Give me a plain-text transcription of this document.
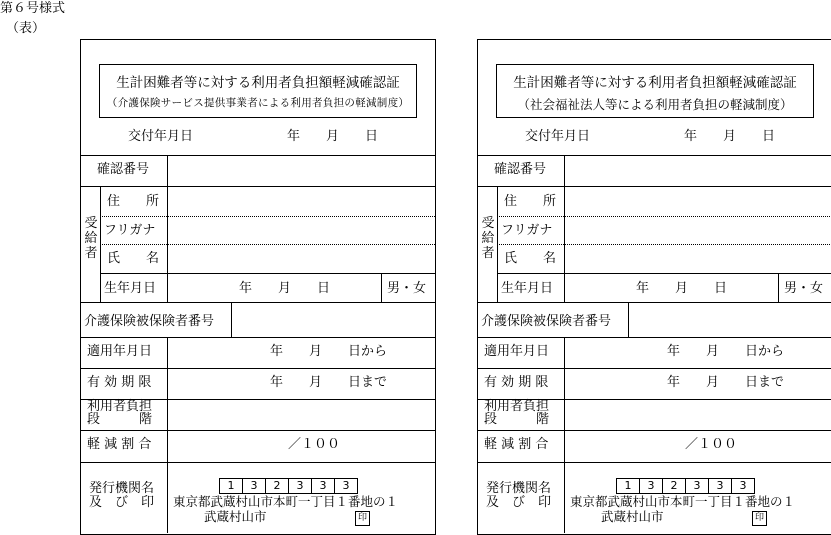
第６号様式
（表）
生計困難者等に対する利用者負担額軽減確認証
（介護保険サービス提供事業者による利用者負担の軽減制度）
交付年月日	年　　月　　日
確認番号
受給者
住　　所
フリガナ
氏　　名
生年月日	年　　月　　日	男・女
介護保険被保険者番号
適用年月日	年　　月　　日から
有 効 期 限	年　　月　　日まで
利用者負担
段　　　階
軽 減 割 合	／１００
発行機関名
及　び　印
1	3	2	3	3	3
東京都武蔵村山市本町一丁目１番地の１
武蔵村山市	印
生計困難者等に対する利用者負担額軽減確認証
（社会福祉法人等による利用者負担の軽減制度）
交付年月日	年　　月　　日
確認番号
受給者
住　　所
フリガナ
氏　　名
生年月日	年　　月　　日	男・女
介護保険被保険者番号
適用年月日	年　　月　　日から
有 効 期 限	年　　月　　日まで
利用者負担
段　　　階
軽 減 割 合	／１００
発行機関名
及　び　印
1	3	2	3	3	3
東京都武蔵村山市本町一丁目１番地の１
武蔵村山市	印
